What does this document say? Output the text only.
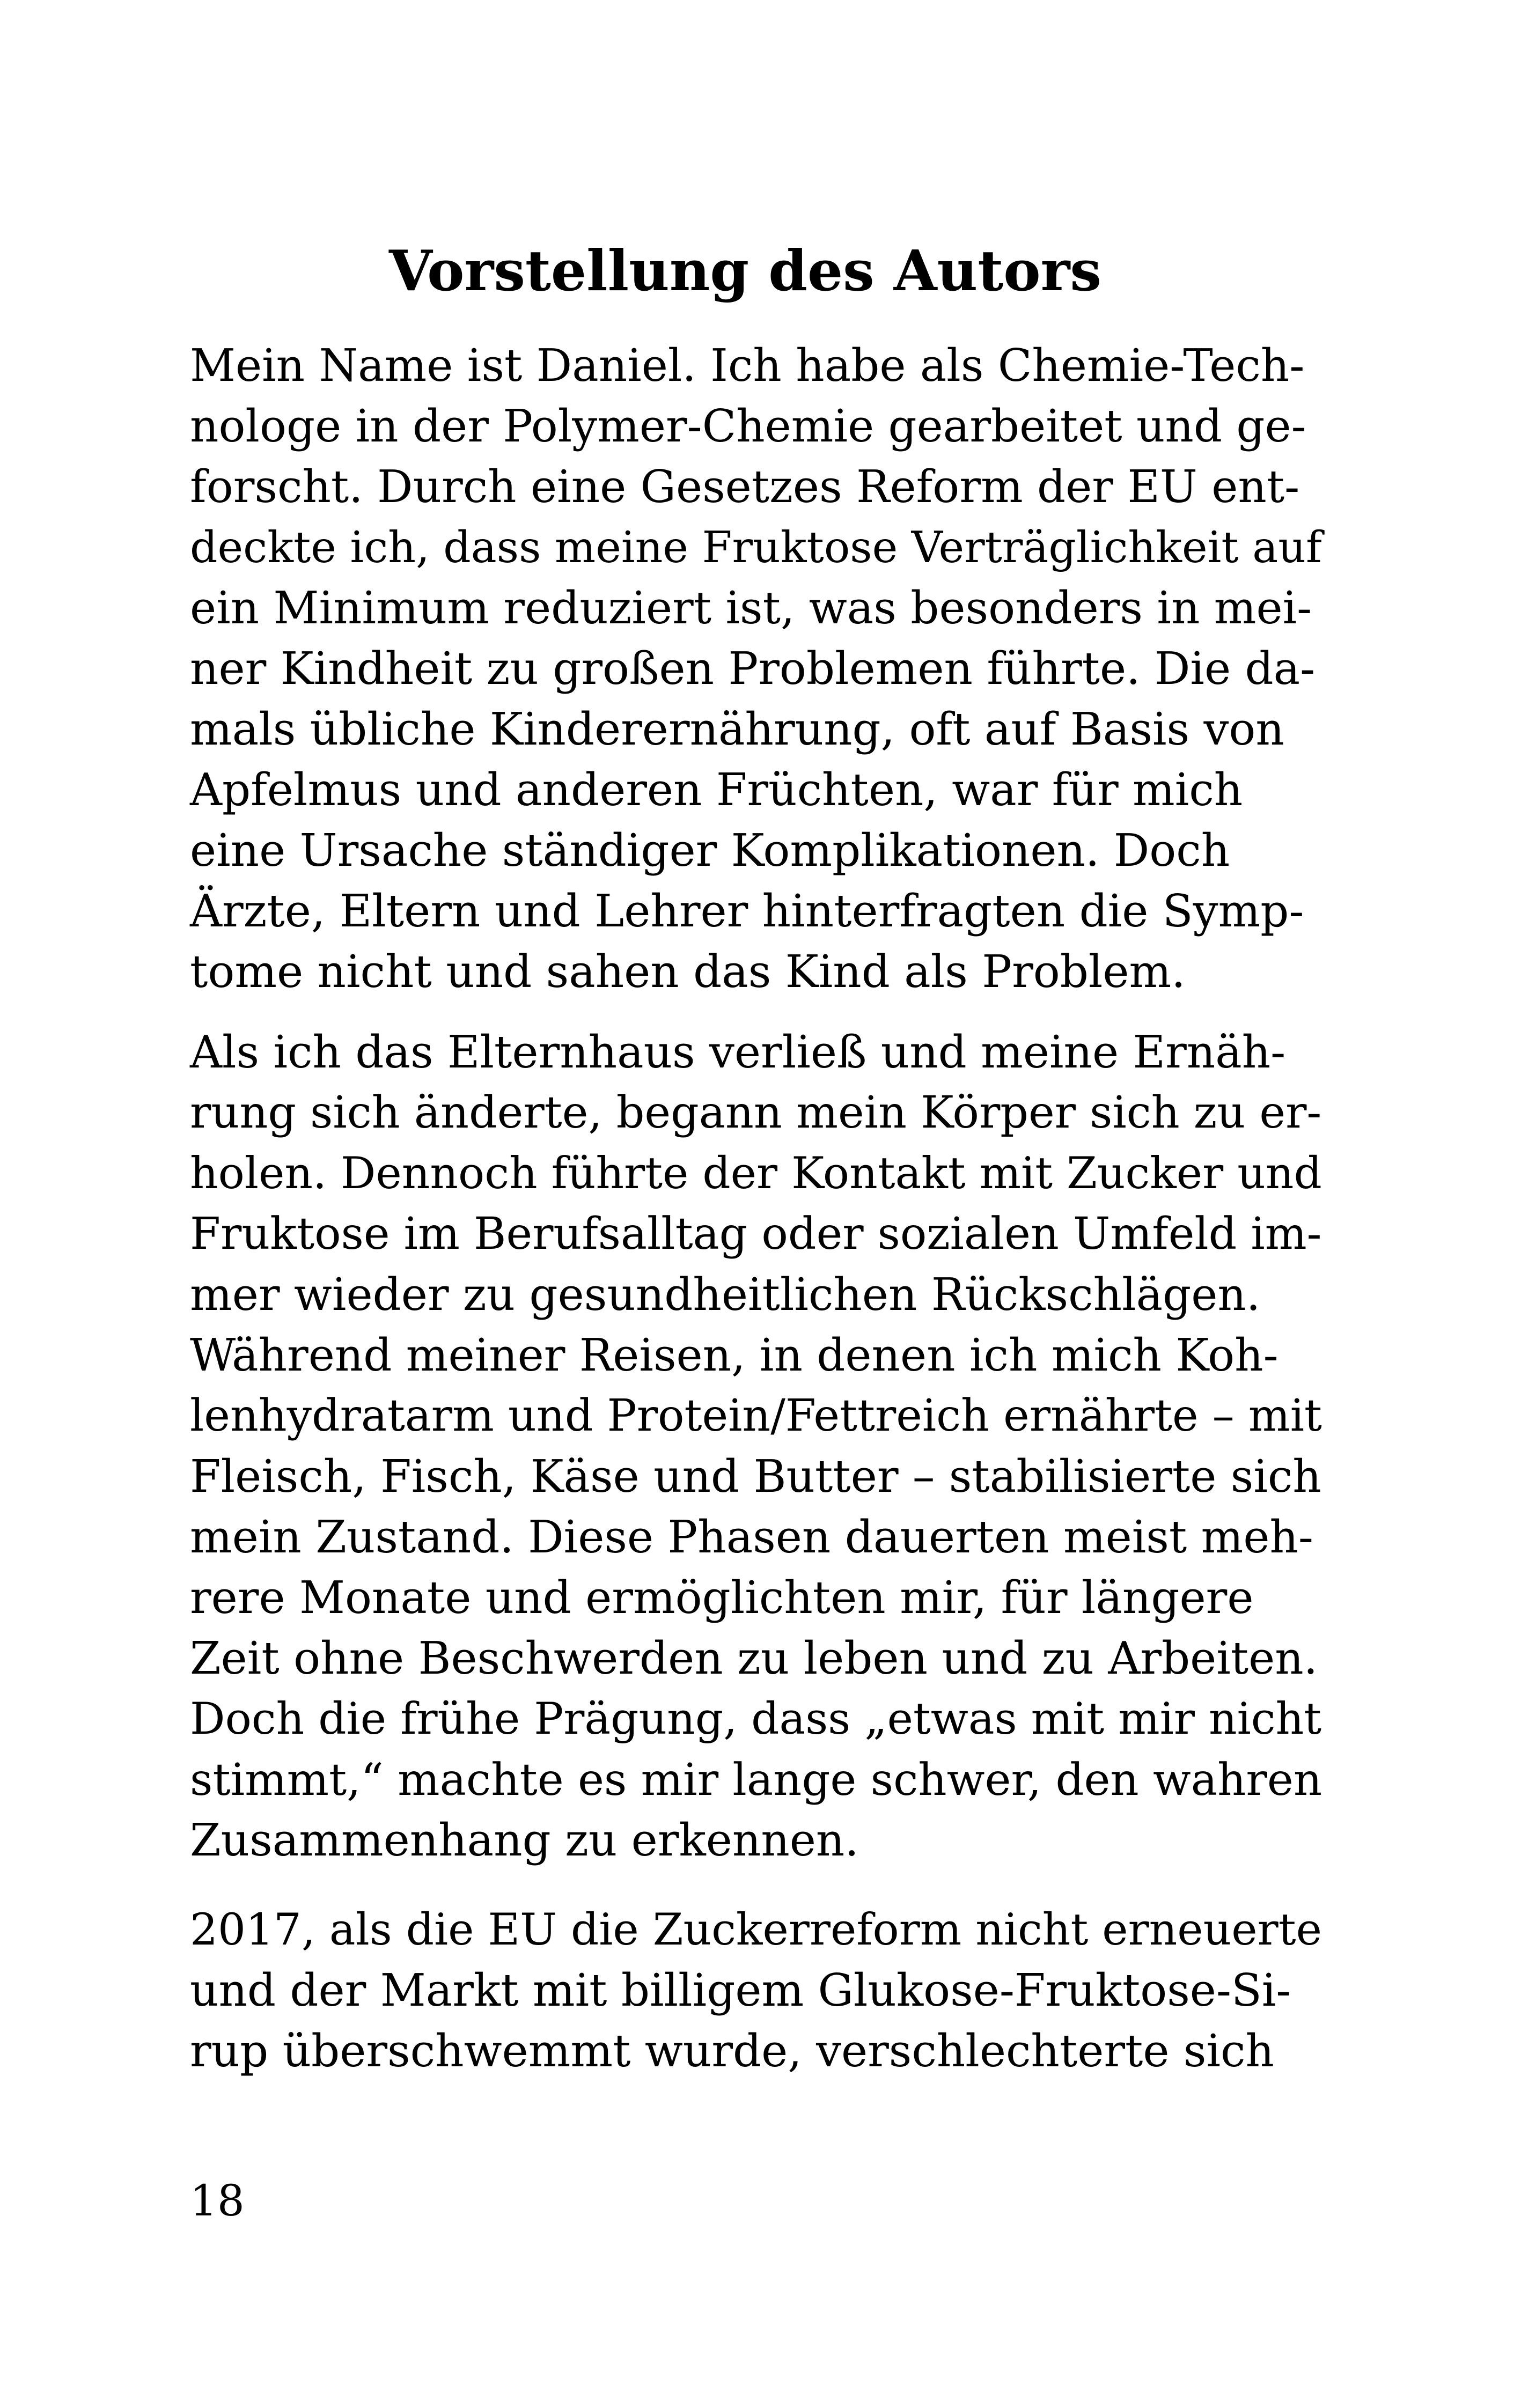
Vorstellung des Autors
Mein Name ist Daniel. Ich habe als Chemie-Tech-
nologe in der Polymer-Chemie gearbeitet und ge-
forscht. Durch eine Gesetzes Reform der EU ent-
deckte ich, dass meine Fruktose Verträglichkeit auf
ein Minimum reduziert ist, was besonders in mei-
ner Kindheit zu großen Problemen führte. Die da-
mals übliche Kinderernährung, oft auf Basis von
Apfelmus und anderen Früchten, war für mich
eine Ursache ständiger Komplikationen. Doch
Ärzte, Eltern und Lehrer hinterfragten die Symp-
tome nicht und sahen das Kind als Problem.
Als ich das Elternhaus verließ und meine Ernäh-
rung sich änderte, begann mein Körper sich zu er-
holen. Dennoch führte der Kontakt mit Zucker und
Fruktose im Berufsalltag oder sozialen Umfeld im-
mer wieder zu gesundheitlichen Rückschlägen.
Während meiner Reisen, in denen ich mich Koh-
lenhydratarm und Protein/Fettreich ernährte – mit
Fleisch, Fisch, Käse und Butter – stabilisierte sich
mein Zustand. Diese Phasen dauerten meist meh-
rere Monate und ermöglichten mir, für längere
Zeit ohne Beschwerden zu leben und zu Arbeiten.
Doch die frühe Prägung, dass „etwas mit mir nicht
stimmt,“ machte es mir lange schwer, den wahren
Zusammenhang zu erkennen.
2017, als die EU die Zuckerreform nicht erneuerte
und der Markt mit billigem Glukose-Fruktose-Si-
rup überschwemmt wurde, verschlechterte sich
18
